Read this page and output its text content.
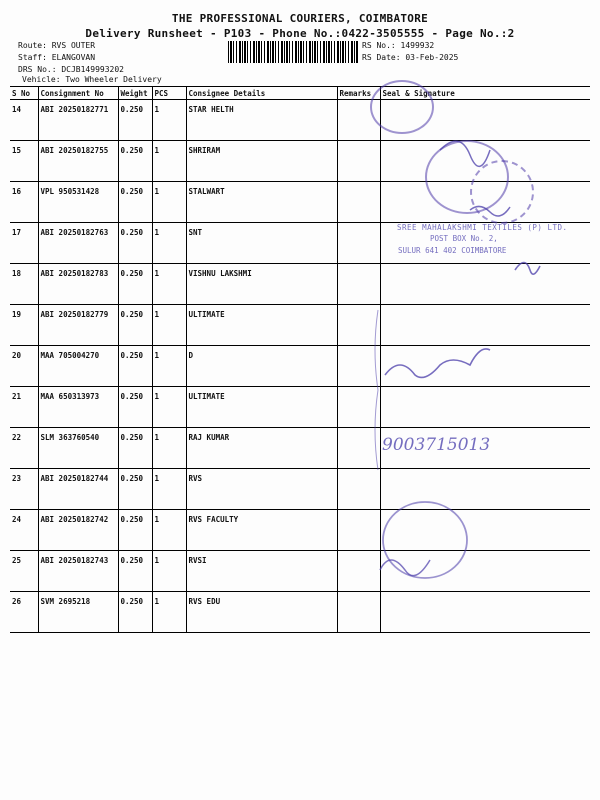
THE PROFESSIONAL COURIERS, COIMBATORE
Delivery Runsheet - P103 - Phone No.:0422-3505555 - Page No.:2
Route: RVS OUTER
Staff: ELANGOVAN
DRS No.: DCJB149993202
Vehicle: Two Wheeler Delivery
RS No.: 1499932
RS Date: 03-Feb-2025
S No	Consignment No	Weight	PCS	Consignee Details	Remarks	Seal & Signature
14	ABI 20250182771	0.250	1	STAR HELTH		
15	ABI 20250182755	0.250	1	SHRIRAM		
16	VPL 950531428	0.250	1	STALWART		
17	ABI 20250182763	0.250	1	SNT		
18	ABI 20250182783	0.250	1	VISHNU LAKSHMI		
19	ABI 20250182779	0.250	1	ULTIMATE		
20	MAA 705004270	0.250	1	D		
21	MAA 650313973	0.250	1	ULTIMATE		
22	SLM 363760540	0.250	1	RAJ KUMAR		
23	ABI 20250182744	0.250	1	RVS		
24	ABI 20250182742	0.250	1	RVS FACULTY		
25	ABI 20250182743	0.250	1	RVSI		
26	SVM 2695218	0.250	1	RVS EDU		
SREE MAHALAKSHMI TEXTILES (P) LTD.
POST BOX No. 2,
SULUR 641 402 COIMBATORE
9003715013
